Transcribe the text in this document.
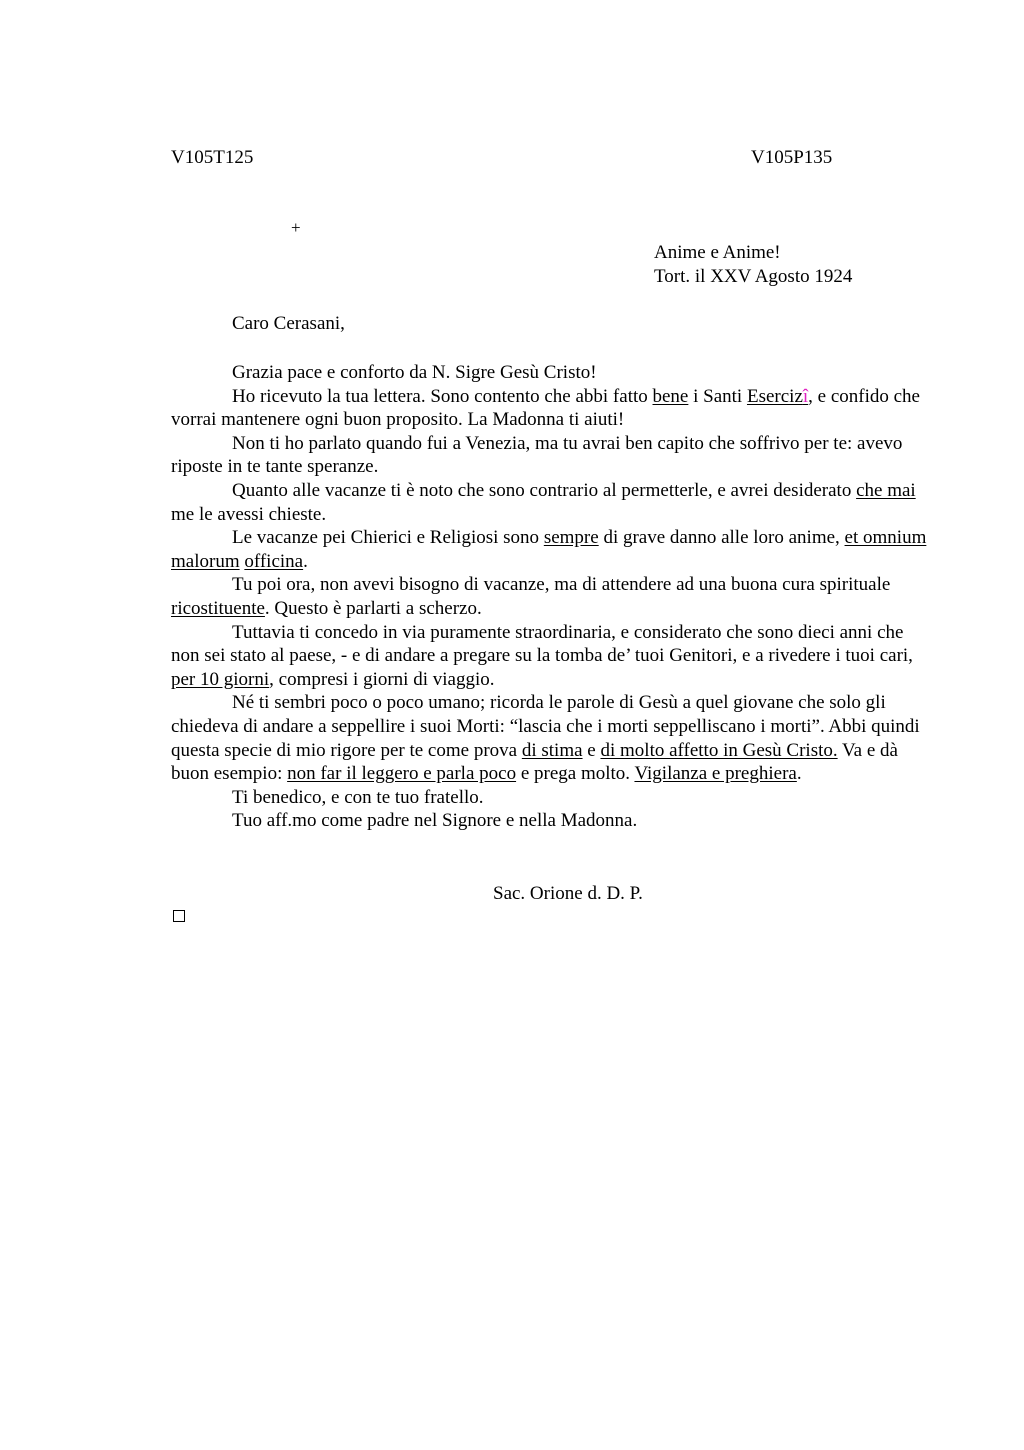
V105T125	V105P135
+
Anime e Anime!
Tort. il XXV Agosto 1924
Caro Cerasani,

Grazia pace e conforto da N. Sigre Gesù Cristo!

Ho ricevuto la tua lettera. Sono contento che abbi fatto bene i Santi Esercizî, e confido che vorrai mantenere ogni buon proposito. La Madonna ti aiuti!

Non ti ho parlato quando fui a Venezia, ma tu avrai ben capito che soffrivo per te: avevo riposte in te tante speranze.

Quanto alle vacanze ti è noto che sono contrario al permetterle, e avrei desiderato che mai me le avessi chieste.

Le vacanze pei Chierici e Religiosi sono sempre di grave danno alle loro anime, et omnium malorum officina.

Tu poi ora, non avevi bisogno di vacanze, ma di attendere ad una buona cura spirituale ricostituente. Questo è parlarti a scherzo.

Tuttavia ti concedo in via puramente straordinaria, e considerato che sono dieci anni che non sei stato al paese, - e di andare a pregare su la tomba de’ tuoi Genitori, e a rivedere i tuoi cari, per 10 giorni, compresi i giorni di viaggio.

Né ti sembri poco o poco umano; ricorda le parole di Gesù a quel giovane che solo gli chiedeva di andare a seppellire i suoi Morti: “lascia che i morti seppelliscano i morti”. Abbi quindi questa specie di mio rigore per te come prova di stima e di molto affetto in Gesù Cristo. Va e dà buon esempio: non far il leggero e parla poco e prega molto. Vigilanza e preghiera.

Ti benedico, e con te tuo fratello.

Tuo aff.mo come padre nel Signore e nella Madonna.

Sac. Orione d. D. P.
